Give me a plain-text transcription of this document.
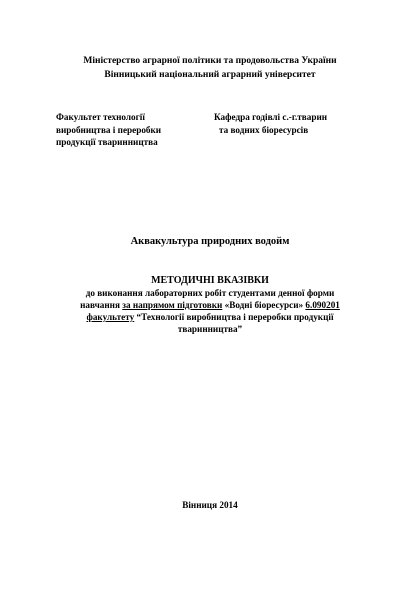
Міністерство аграрної політики та продовольства України
Вінницький національний аграрний університет
Факультет технології
виробництва і переробки
продукції тваринництва
Кафедра годівлі с.-г.тварин
та водних біоресурсів
Аквакультура природних водойм
МЕТОДИЧНІ ВКАЗІВКИ
до виконання лабораторних робіт студентами денної форми
навчання за напрямом підготовки «Водні біоресурси» 6.090201
факультету “Технології виробництва і переробки продукції
тваринництва”
Вінниця 2014
